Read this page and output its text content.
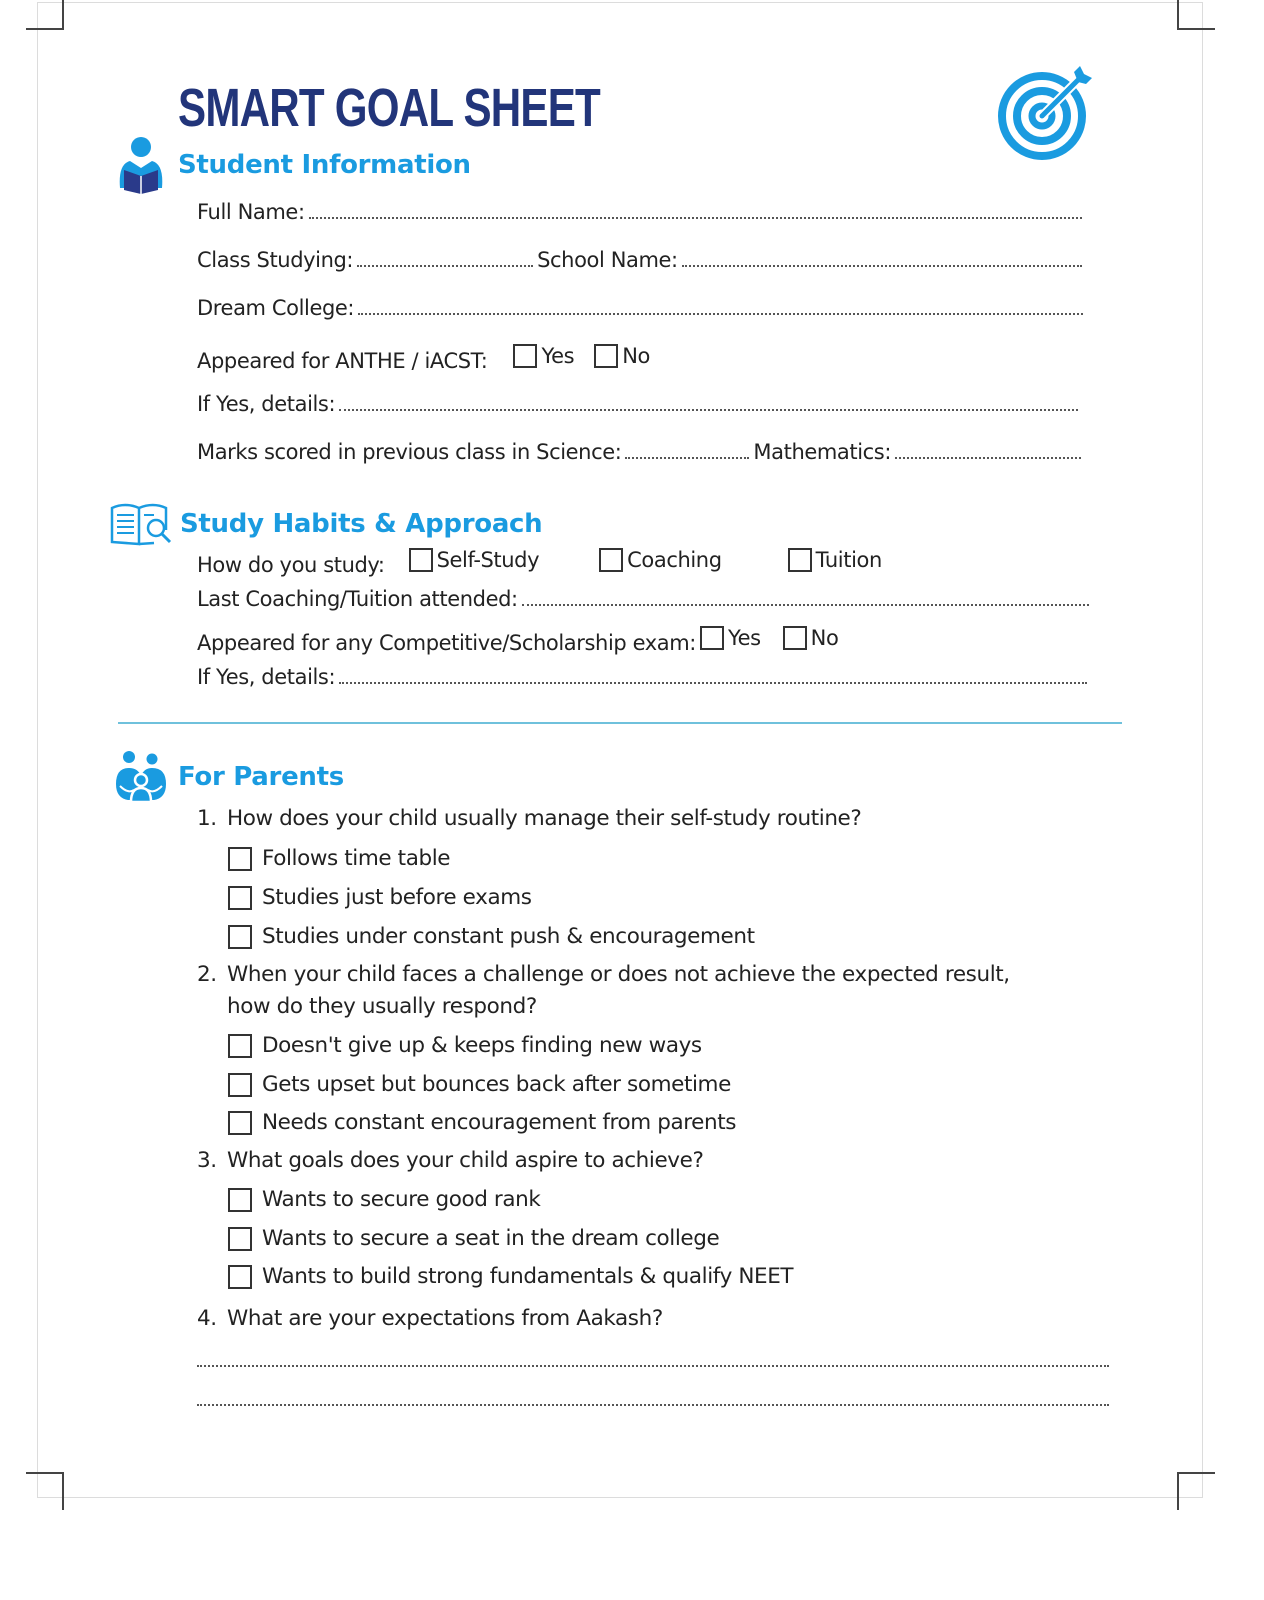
SMART GOAL SHEET
Student Information
Full Name:
Class Studying:	School Name:
Dream College:
Appeared for ANTHE / iACST:	Yes No
If Yes, details:
Marks scored in previous class in Science:	Mathematics:
Study Habits & Approach
How do you study: Self-Study	Coaching	Tuition
Last Coaching/Tuition attended:
Appeared for any Competitive/Scholarship exam: Yes No
If Yes, details:
For Parents
1. How does your child usually manage their self-study routine?
Follows time table
Studies just before exams
Studies under constant push & encouragement
2. When your child faces a challenge or does not achieve the expected result,
how do they usually respond?
Doesn't give up & keeps finding new ways
Gets upset but bounces back after sometime
Needs constant encouragement from parents
3. What goals does your child aspire to achieve?
Wants to secure good rank
Wants to secure a seat in the dream college
Wants to build strong fundamentals & qualify NEET
4. What are your expectations from Aakash?
